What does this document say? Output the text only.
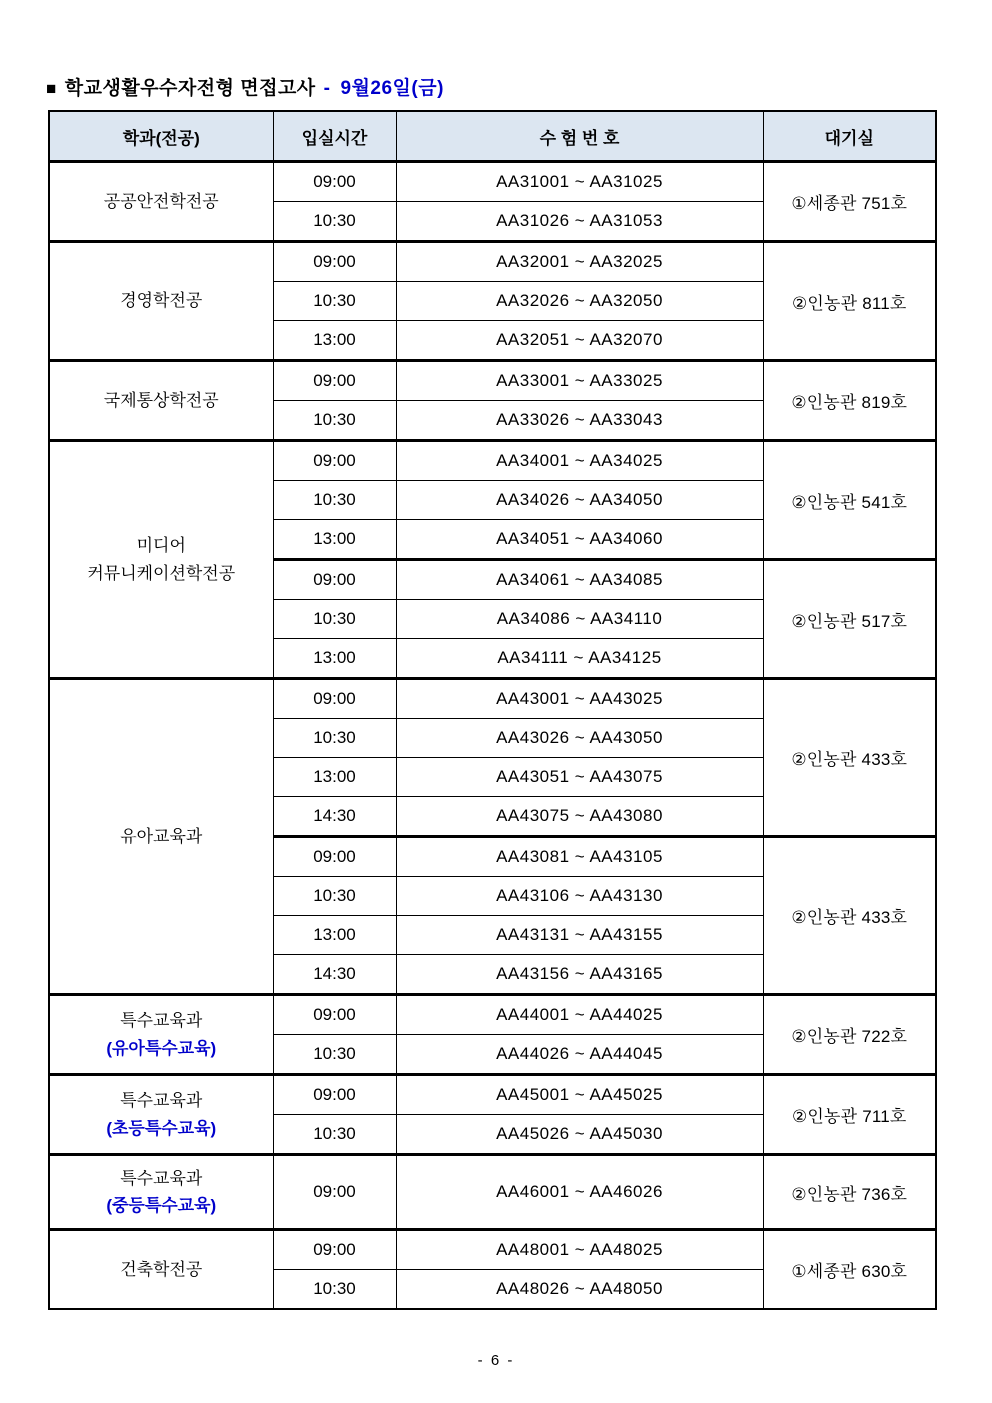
■ 학교생활우수자전형 면접고사 - 9월26일(금)
학과(전공)	입실시간	수 험 번 호	대기실

공공안전학전공	09:00	AA31001 ~ AA31025	①세종관 751호
	10:30	AA31026 ~ AA31053	

경영학전공	09:00	AA32001 ~ AA32025	②인농관 811호
	10:30	AA32026 ~ AA32050	
	13:00	AA32051 ~ AA32070	

국제통상학전공	09:00	AA33001 ~ AA33025	②인농관 819호
	10:30	AA33026 ~ AA33043	

미디어
커뮤니케이션학전공	09:00	AA34001 ~ AA34025	②인농관 541호
	10:30	AA34026 ~ AA34050	
	13:00	AA34051 ~ AA34060	
	09:00	AA34061 ~ AA34085	②인농관 517호
	10:30	AA34086 ~ AA34110	
	13:00	AA34111 ~ AA34125	

유아교육과	09:00	AA43001 ~ AA43025	②인농관 433호
	10:30	AA43026 ~ AA43050	
	13:00	AA43051 ~ AA43075	
	14:30	AA43075 ~ AA43080	
	09:00	AA43081 ~ AA43105	②인농관 433호
	10:30	AA43106 ~ AA43130	
	13:00	AA43131 ~ AA43155	
	14:30	AA43156 ~ AA43165	

특수교육과
(유아특수교육)	09:00	AA44001 ~ AA44025	②인농관 722호
	10:30	AA44026 ~ AA44045	

특수교육과
(초등특수교육)	09:00	AA45001 ~ AA45025	②인농관 711호
	10:30	AA45026 ~ AA45030	

특수교육과
(중등특수교육)	09:00	AA46001 ~ AA46026	②인농관 736호

건축학전공	09:00	AA48001 ~ AA48025	①세종관 630호
	10:30	AA48026 ~ AA48050	
- 6 -
